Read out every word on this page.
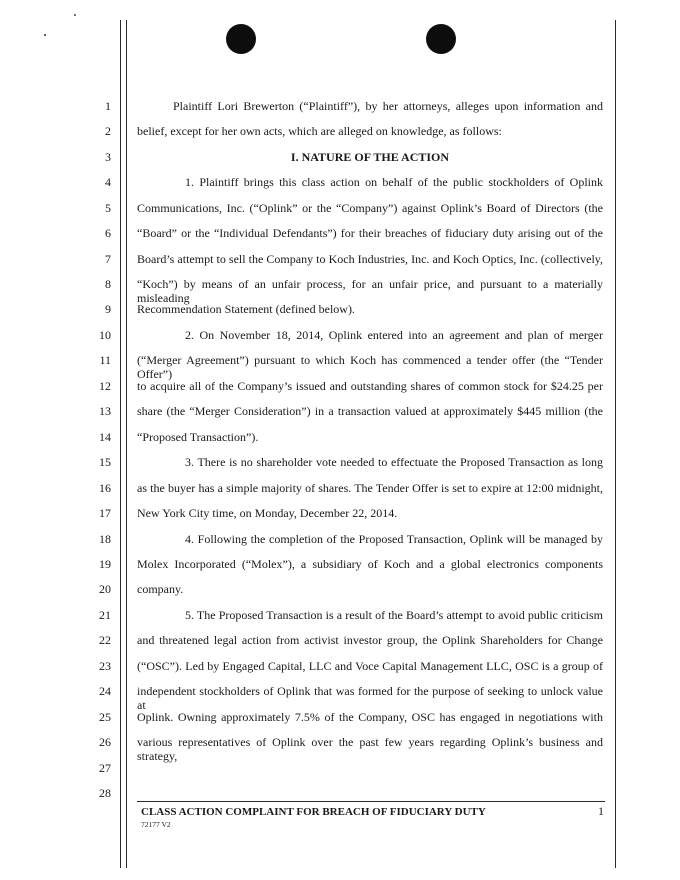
1
2
3
4
5
6
7
8
9
10
11
12
13
14
15
16
17
18
19
20
21
22
23
24
25
26
27
28
Plaintiff Lori Brewerton (“Plaintiff”), by her attorneys, alleges upon information and
belief, except for her own acts, which are alleged on knowledge, as follows:
I. NATURE OF THE ACTION
1. Plaintiff brings this class action on behalf of the public stockholders of Oplink
Communications, Inc. (“Oplink” or the “Company”) against Oplink’s Board of Directors (the
“Board” or the “Individual Defendants”) for their breaches of fiduciary duty arising out of the
Board’s attempt to sell the Company to Koch Industries, Inc. and Koch Optics, Inc. (collectively,
“Koch”) by means of an unfair process, for an unfair price, and pursuant to a materially misleading
Recommendation Statement (defined below).
2. On November 18, 2014, Oplink entered into an agreement and plan of merger
(“Merger Agreement”) pursuant to which Koch has commenced a tender offer (the “Tender Offer”)
to acquire all of the Company’s issued and outstanding shares of common stock for $24.25 per
share (the “Merger Consideration”) in a transaction valued at approximately $445 million (the
“Proposed Transaction”).
3. There is no shareholder vote needed to effectuate the Proposed Transaction as long
as the buyer has a simple majority of shares. The Tender Offer is set to expire at 12:00 midnight,
New York City time, on Monday, December 22, 2014.
4. Following the completion of the Proposed Transaction, Oplink will be managed by
Molex Incorporated (“Molex”), a subsidiary of Koch and a global electronics components
company.
5. The Proposed Transaction is a result of the Board’s attempt to avoid public criticism
and threatened legal action from activist investor group, the Oplink Shareholders for Change
(“OSC”). Led by Engaged Capital, LLC and Voce Capital Management LLC, OSC is a group of
independent stockholders of Oplink that was formed for the purpose of seeking to unlock value at
Oplink. Owning approximately 7.5% of the Company, OSC has engaged in negotiations with
various representatives of Oplink over the past few years regarding Oplink’s business and strategy,
CLASS ACTION COMPLAINT FOR BREACH OF FIDUCIARY DUTY
72177 V2
1
